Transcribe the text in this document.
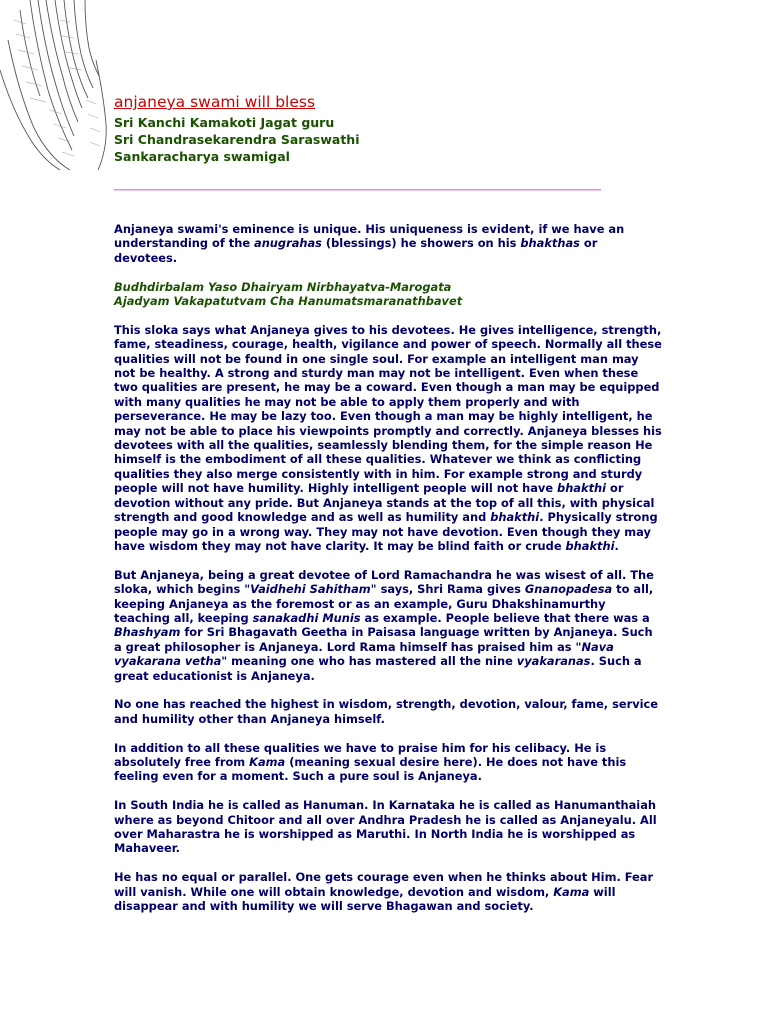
anjaneya swami will bless
Sri Kanchi Kamakoti Jagat guru
Sri Chandrasekarendra Saraswathi
Sankaracharya swamigal

Anjaneya swami's eminence is unique. His uniqueness is evident, if we have an understanding of the anugrahas (blessings) he showers on his bhakthas or devotees.

Budhdirbalam Yaso Dhairyam Nirbhayatva-Marogata
Ajadyam Vakapatutvam Cha Hanumatsmaranathbavet

This sloka says what Anjaneya gives to his devotees. He gives intelligence, strength, fame, steadiness, courage, health, vigilance and power of speech. Normally all these qualities will not be found in one single soul. For example an intelligent man may not be healthy. A strong and sturdy man may not be intelligent. Even when these two qualities are present, he may be a coward. Even though a man may be equipped with many qualities he may not be able to apply them properly and with perseverance. He may be lazy too. Even though a man may be highly intelligent, he may not be able to place his viewpoints promptly and correctly. Anjaneya blesses his devotees with all the qualities, seamlessly blending them, for the simple reason He himself is the embodiment of all these qualities. Whatever we think as conflicting qualities they also merge consistently with in him. For example strong and sturdy people will not have humility. Highly intelligent people will not have bhakthi or devotion without any pride. But Anjaneya stands at the top of all this, with physical strength and good knowledge and as well as humility and bhakthi. Physically strong people may go in a wrong way. They may not have devotion. Even though they may have wisdom they may not have clarity. It may be blind faith or crude bhakthi.

But Anjaneya, being a great devotee of Lord Ramachandra he was wisest of all. The sloka, which begins "Vaidhehi Sahitham" says, Shri Rama gives Gnanopadesa to all, keeping Anjaneya as the foremost or as an example, Guru Dhakshinamurthy teaching all, keeping sanakadhi Munis as example. People believe that there was a Bhashyam for Sri Bhagavath Geetha in Paisasa language written by Anjaneya. Such a great philosopher is Anjaneya. Lord Rama himself has praised him as "Nava vyakarana vetha" meaning one who has mastered all the nine vyakaranas. Such a great educationist is Anjaneya.

No one has reached the highest in wisdom, strength, devotion, valour, fame, service and humility other than Anjaneya himself.

In addition to all these qualities we have to praise him for his celibacy. He is absolutely free from Kama (meaning sexual desire here). He does not have this feeling even for a moment. Such a pure soul is Anjaneya.

In South India he is called as Hanuman. In Karnataka he is called as Hanumanthaiah where as beyond Chitoor and all over Andhra Pradesh he is called as Anjaneyalu. All over Maharastra he is worshipped as Maruthi. In North India he is worshipped as Mahaveer.

He has no equal or parallel. One gets courage even when he thinks about Him. Fear will vanish. While one will obtain knowledge, devotion and wisdom, Kama will disappear and with humility we will serve Bhagawan and society.
